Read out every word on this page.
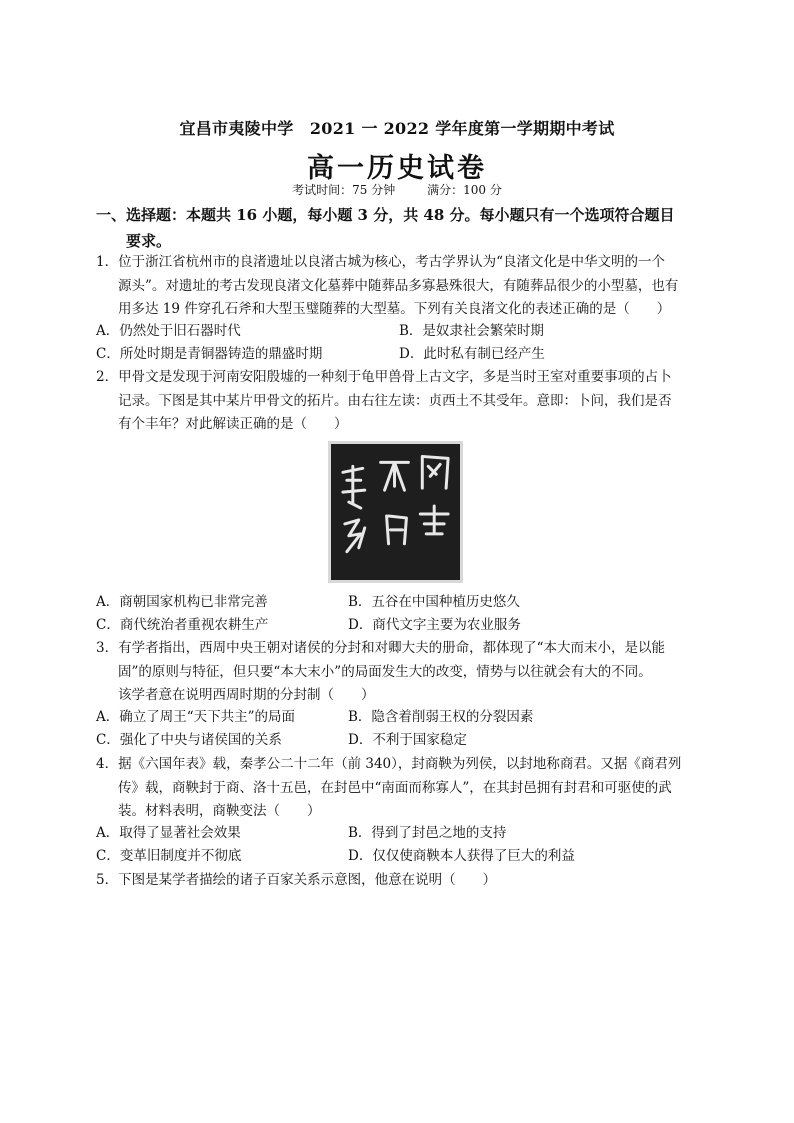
宜昌市夷陵中学　2021 一 2022 学年度第一学期期中考试
高一历史试卷
考试时间：75 分钟	满分：100 分
一、选择题：本题共 16 小题，每小题 3 分，共 48 分。每小题只有一个选项符合题目
要求。
1．位于浙江省杭州市的良渚遗址以良渚古城为核心，考古学界认为“良渚文化是中华文明的一个
源头”。对遗址的考古发现良渚文化墓葬中随葬品多寡悬殊很大，有随葬品很少的小型墓，也有
用多达 19 件穿孔石斧和大型玉璧随葬的大型墓。下列有关良渚文化的表述正确的是（　　）
A．仍然处于旧石器时代	B．是奴隶社会繁荣时期
C．所处时期是青铜器铸造的鼎盛时期	D．此时私有制已经产生
2．甲骨文是发现于河南安阳殷墟的一种刻于龟甲兽骨上古文字，多是当时王室对重要事项的占卜
记录。下图是其中某片甲骨文的拓片。由右往左读：贞西土不其受年。意即：卜问，我们是否
有个丰年？对此解读正确的是（　　）
A．商朝国家机构已非常完善	B．五谷在中国种植历史悠久
C．商代统治者重视农耕生产	D．商代文字主要为农业服务
3．有学者指出，西周中央王朝对诸侯的分封和对卿大夫的册命，都体现了“本大而末小，是以能
固”的原则与特征，但只要“本大末小”的局面发生大的改变，情势与以往就会有大的不同。
该学者意在说明西周时期的分封制（　　）
A．确立了周王“天下共主”的局面	B．隐含着削弱王权的分裂因素
C．强化了中央与诸侯国的关系	D．不利于国家稳定
4．据《六国年表》载，秦孝公二十二年（前 340），封商鞅为列侯，以封地称商君。又据《商君列
传》载，商鞅封于商、洛十五邑，在封邑中“南面而称寡人”，在其封邑拥有封君和可驱使的武
装。材料表明，商鞅变法（　　）
A．取得了显著社会效果	B．得到了封邑之地的支持
C．变革旧制度并不彻底	D．仅仅使商鞅本人获得了巨大的利益
5．下图是某学者描绘的诸子百家关系示意图，他意在说明（　　）
